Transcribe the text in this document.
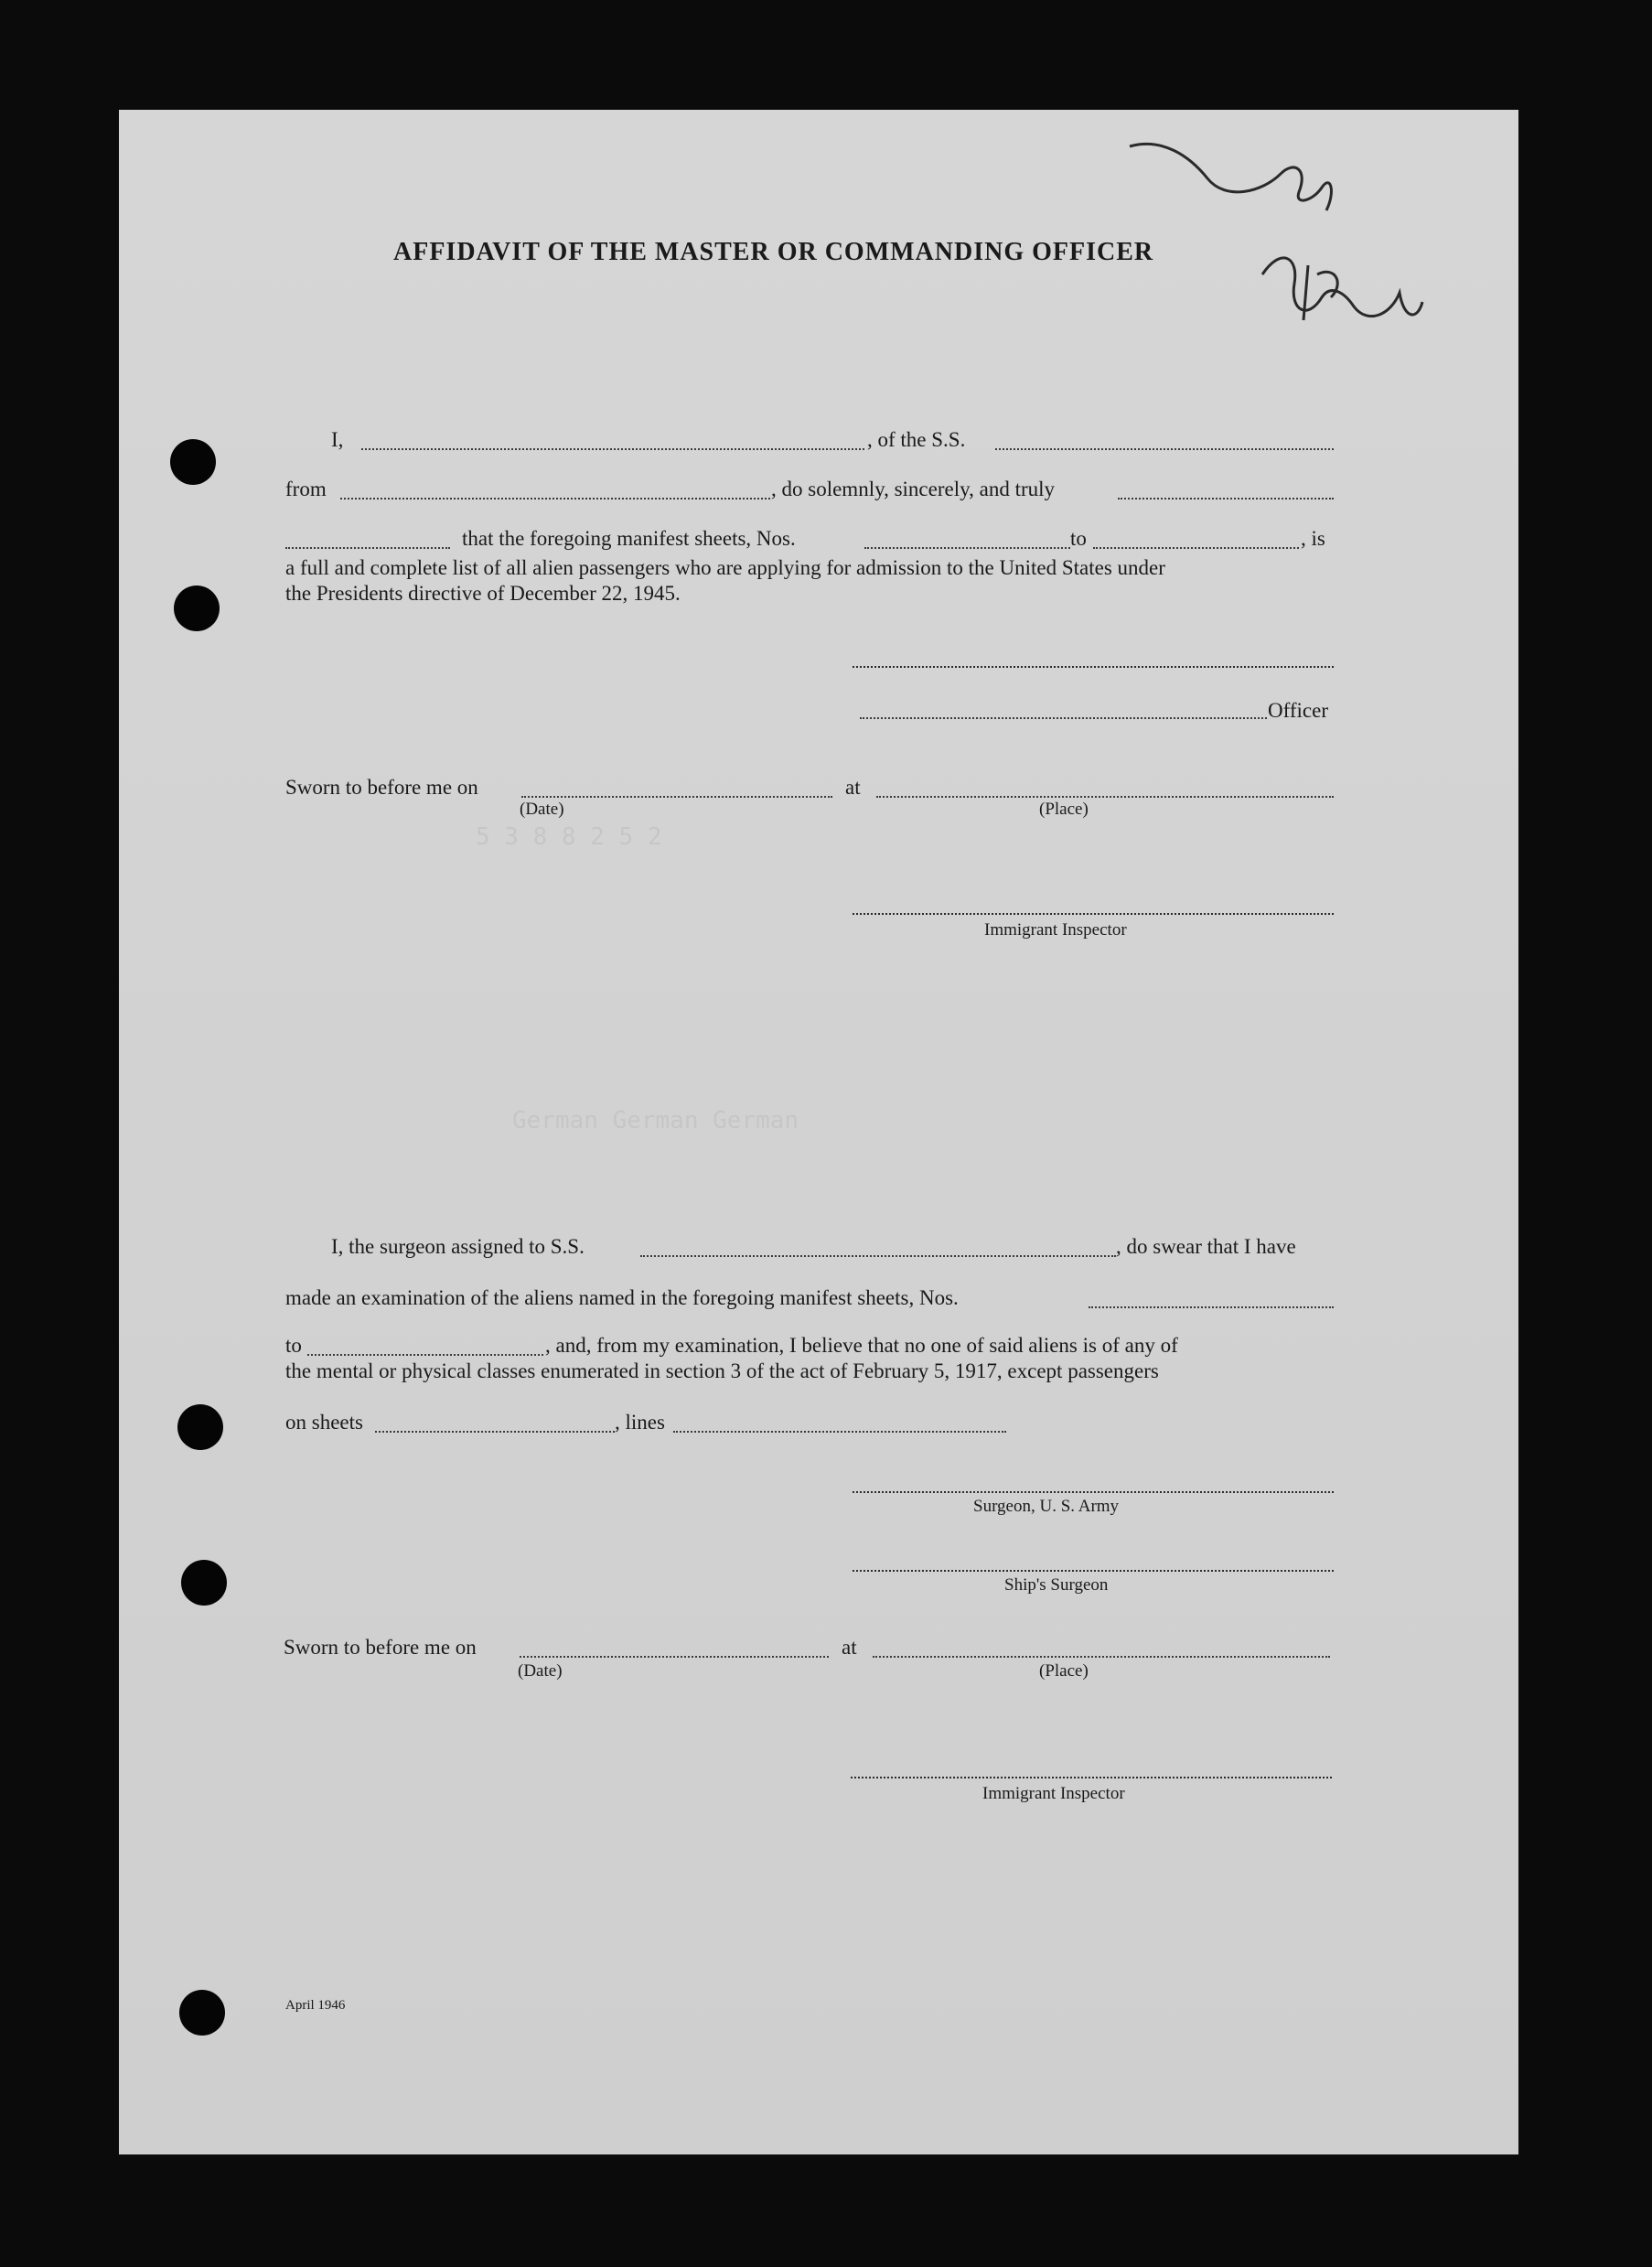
5 3 8 8 2 5 2
German German German
AFFIDAVIT OF THE MASTER OR COMMANDING OFFICER
I,	, of the S.S.
from	, do solemnly, sincerely, and truly
that the foregoing manifest sheets, Nos.	to	, is
a full and complete list of all alien passengers who are applying for admission to the United States under
the Presidents directive of December 22, 1945.
Officer
Sworn to before me on	at
(Date)	(Place)
Immigrant Inspector
I, the surgeon assigned to S.S.	, do swear that I have
made an examination of the aliens named in the foregoing manifest sheets, Nos.
to	, and, from my examination, I believe that no one of said aliens is of any of
the mental or physical classes enumerated in section 3 of the act of February 5, 1917, except passengers
on sheets	, lines
Surgeon, U. S. Army
Ship's Surgeon
Sworn to before me on	at
(Date)	(Place)
Immigrant Inspector
April 1946
